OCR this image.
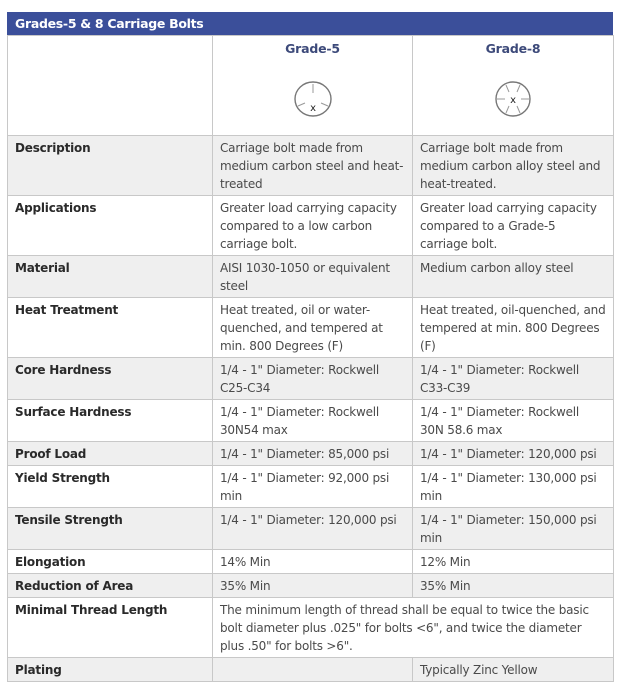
Grades-5 & 8 Carriage Bolts

	Grade-5
x	Grade-8
x

Description	Carriage bolt made from medium carbon steel and heat-treated	Carriage bolt made from medium carbon alloy steel and heat-treated.
Applications	Greater load carrying capacity compared to a low carbon carriage bolt.	Greater load carrying capacity compared to a Grade-5 carriage bolt.
Material	AISI 1030-1050 or equivalent steel	Medium carbon alloy steel
Heat Treatment	Heat treated, oil or water-quenched, and tempered at min. 800 Degrees (F)	Heat treated, oil-quenched, and tempered at min. 800 Degrees (F)
Core Hardness	1/4 - 1" Diameter: Rockwell C25-C34	1/4 - 1" Diameter: Rockwell C33-C39
Surface Hardness	1/4 - 1" Diameter: Rockwell 30N54 max	1/4 - 1" Diameter: Rockwell 30N 58.6 max
Proof Load	1/4 - 1" Diameter: 85,000 psi	1/4 - 1" Diameter: 120,000 psi
Yield Strength	1/4 - 1" Diameter: 92,000 psi min	1/4 - 1" Diameter: 130,000 psi min
Tensile Strength	1/4 - 1" Diameter: 120,000 psi	1/4 - 1" Diameter: 150,000 psi min
Elongation	14% Min	12% Min
Reduction of Area	35% Min	35% Min
Minimal Thread Length	The minimum length of thread shall be equal to twice the basic bolt diameter plus .025" for bolts <6", and twice the diameter plus .50" for bolts >6".	
Plating		Typically Zinc Yellow
